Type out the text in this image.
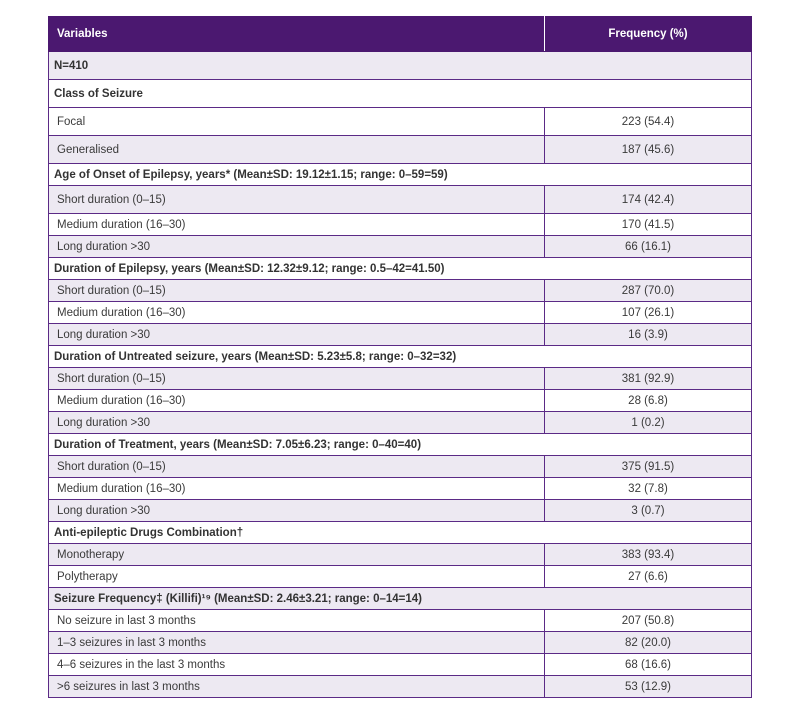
Variables	Frequency (%)
N=410	
Class of Seizure	
Focal	223 (54.4)
Generalised	187 (45.6)
Age of Onset of Epilepsy, years* (Mean±SD: 19.12±1.15; range: 0–59=59)	
Short duration (0–15)	174 (42.4)
Medium duration (16–30)	170 (41.5)
Long duration >30	66 (16.1)
Duration of Epilepsy, years (Mean±SD: 12.32±9.12; range: 0.5–42=41.50)	
Short duration (0–15)	287 (70.0)
Medium duration (16–30)	107 (26.1)
Long duration >30	16 (3.9)
Duration of Untreated seizure, years (Mean±SD: 5.23±5.8; range: 0–32=32)	
Short duration (0–15)	381 (92.9)
Medium duration (16–30)	28 (6.8)
Long duration >30	1 (0.2)
Duration of Treatment, years (Mean±SD: 7.05±6.23; range: 0–40=40)	
Short duration (0–15)	375 (91.5)
Medium duration (16–30)	32 (7.8)
Long duration >30	3 (0.7)
Anti-epileptic Drugs Combination†	
Monotherapy	383 (93.4)
Polytherapy	27 (6.6)
Seizure Frequency‡ (Killifi)¹⁹ (Mean±SD: 2.46±3.21; range: 0–14=14)	
No seizure in last 3 months	207 (50.8)
1–3 seizures in last 3 months	82 (20.0)
4–6 seizures in the last 3 months	68 (16.6)
>6 seizures in last 3 months	53 (12.9)
